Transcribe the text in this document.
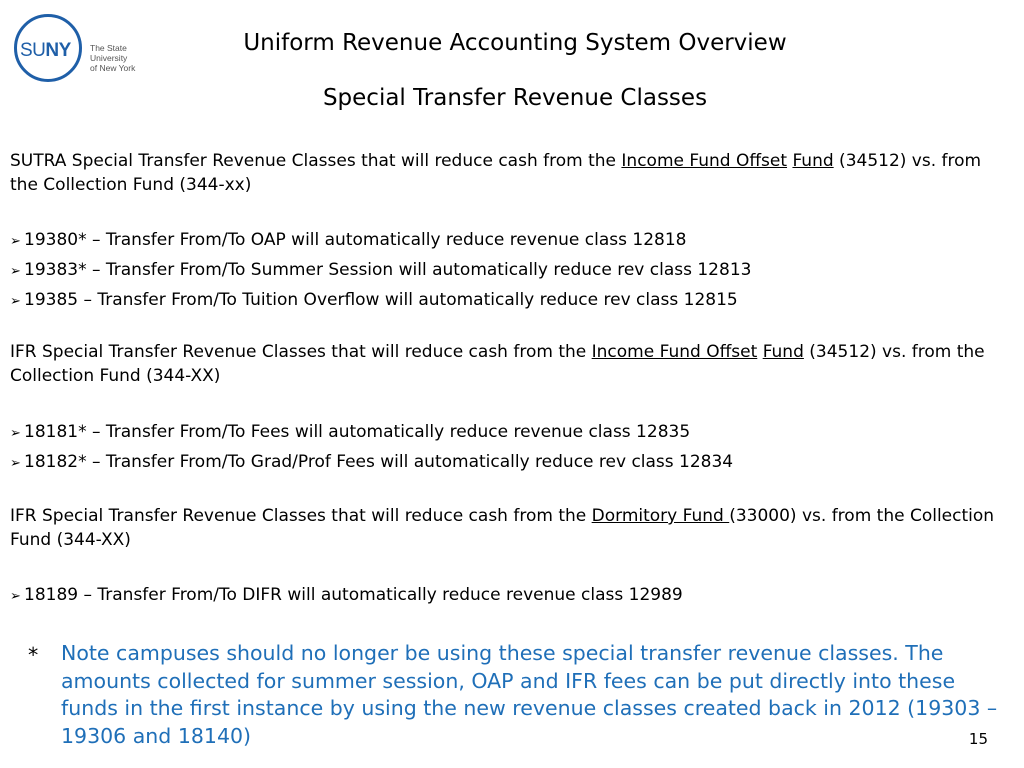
SUNY The State University
of New York
Uniform Revenue Accounting System Overview
Special Transfer Revenue Classes
SUTRA Special Transfer Revenue Classes that will reduce cash from the Income Fund Offset Fund (34512) vs. from the Collection Fund (344-xx)
➢ 19380* – Transfer From/To OAP will automatically reduce revenue class 12818
➢ 19383* – Transfer From/To Summer Session will automatically reduce rev class 12813
➢ 19385 – Transfer From/To Tuition Overflow will automatically reduce rev class 12815
IFR Special Transfer Revenue Classes that will reduce cash from the Income Fund Offset Fund (34512) vs. from the Collection Fund (344-XX)
➢ 18181* – Transfer From/To Fees will automatically reduce revenue class 12835
➢ 18182* – Transfer From/To Grad/Prof Fees will automatically reduce rev class 12834
IFR Special Transfer Revenue Classes that will reduce cash from the Dormitory Fund (33000) vs. from the Collection Fund (344-XX)
➢ 18189 – Transfer From/To DIFR will automatically reduce revenue class 12989
*	Note campuses should no longer be using these special transfer revenue classes. The amounts collected for summer session, OAP and IFR fees can be put directly into these funds in the first instance by using the new revenue classes created back in 2012 (19303 – 19306 and 18140)	15
